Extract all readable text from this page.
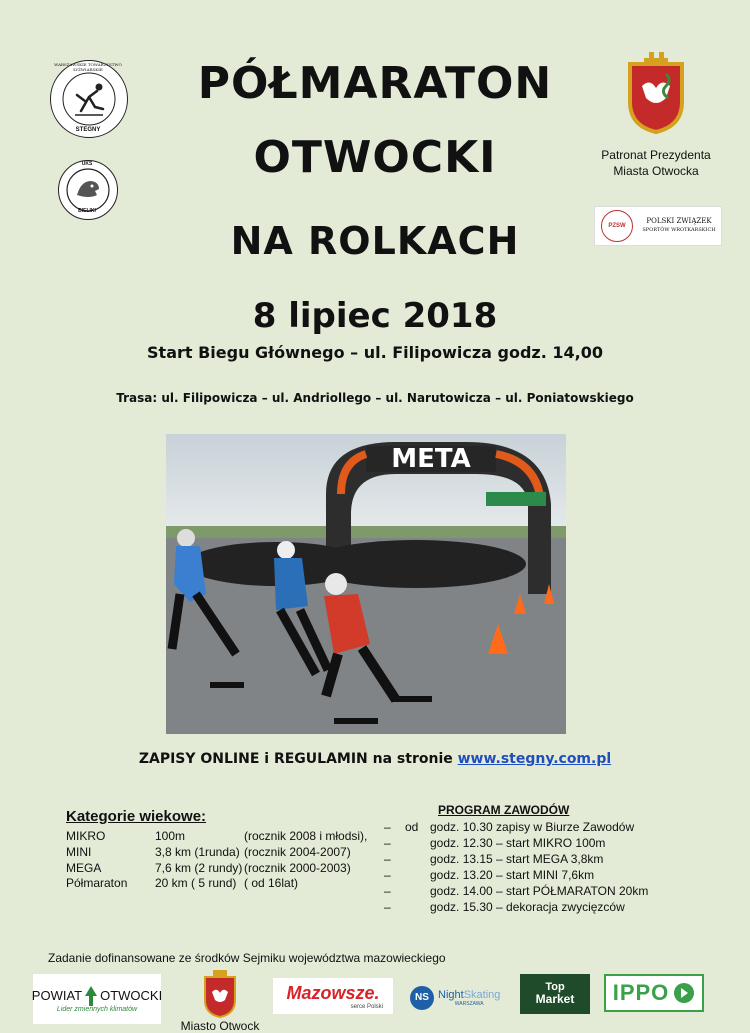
STEGNY
WARSZAWSKIE TOWARZYSTWO ŁYŻWIARSKIE
UKS
BIELIKI
PÓŁMARATON
OTWOCKI
NA ROLKACH
8 lipiec 2018
Start Biegu Głównego – ul. Filipowicza godz. 14,00
Trasa: ul. Filipowicza – ul. Andriollego – ul. Narutowicza – ul. Poniatowskiego
Patronat Prezydenta
Miasta Otwocka
PZSW
POLSKI ZWIĄZEK
SPORTÓW WROTKARSKICH
META
ZAPISY ONLINE i REGULAMIN na stronie www.stegny.com.pl
Kategorie wiekowe:
MIKRO	100m	(rocznik 2008 i młodsi),
MINI	3,8 km (1runda) (rocznik 2004-2007)
MEGA	7,6 km (2 rundy) (rocznik 2000-2003)
Półmaraton 20 km ( 5 rund) ( od 16lat)
PROGRAM ZAWODÓW
od
–	godz. 10.30 zapisy w Biurze Zawodów
–	godz. 12.30 – start MIKRO 100m
–	godz. 13.15 – start MEGA 3,8km
–	godz. 13.20 – start MINI 7,6km
–	godz. 14.00 – start PÓŁMARATON 20km
–	godz. 15.30 – dekoracja zwycięzców
Zadanie dofinansowane ze środków Sejmiku województwa mazowieckiego
POWIAT OTWOCKI
Lider zmiennych klimatów
Miasto Otwock
Mazowsze.
serce Polski
NS NightSkating
WARSZAWA
Top
Market IPPO
